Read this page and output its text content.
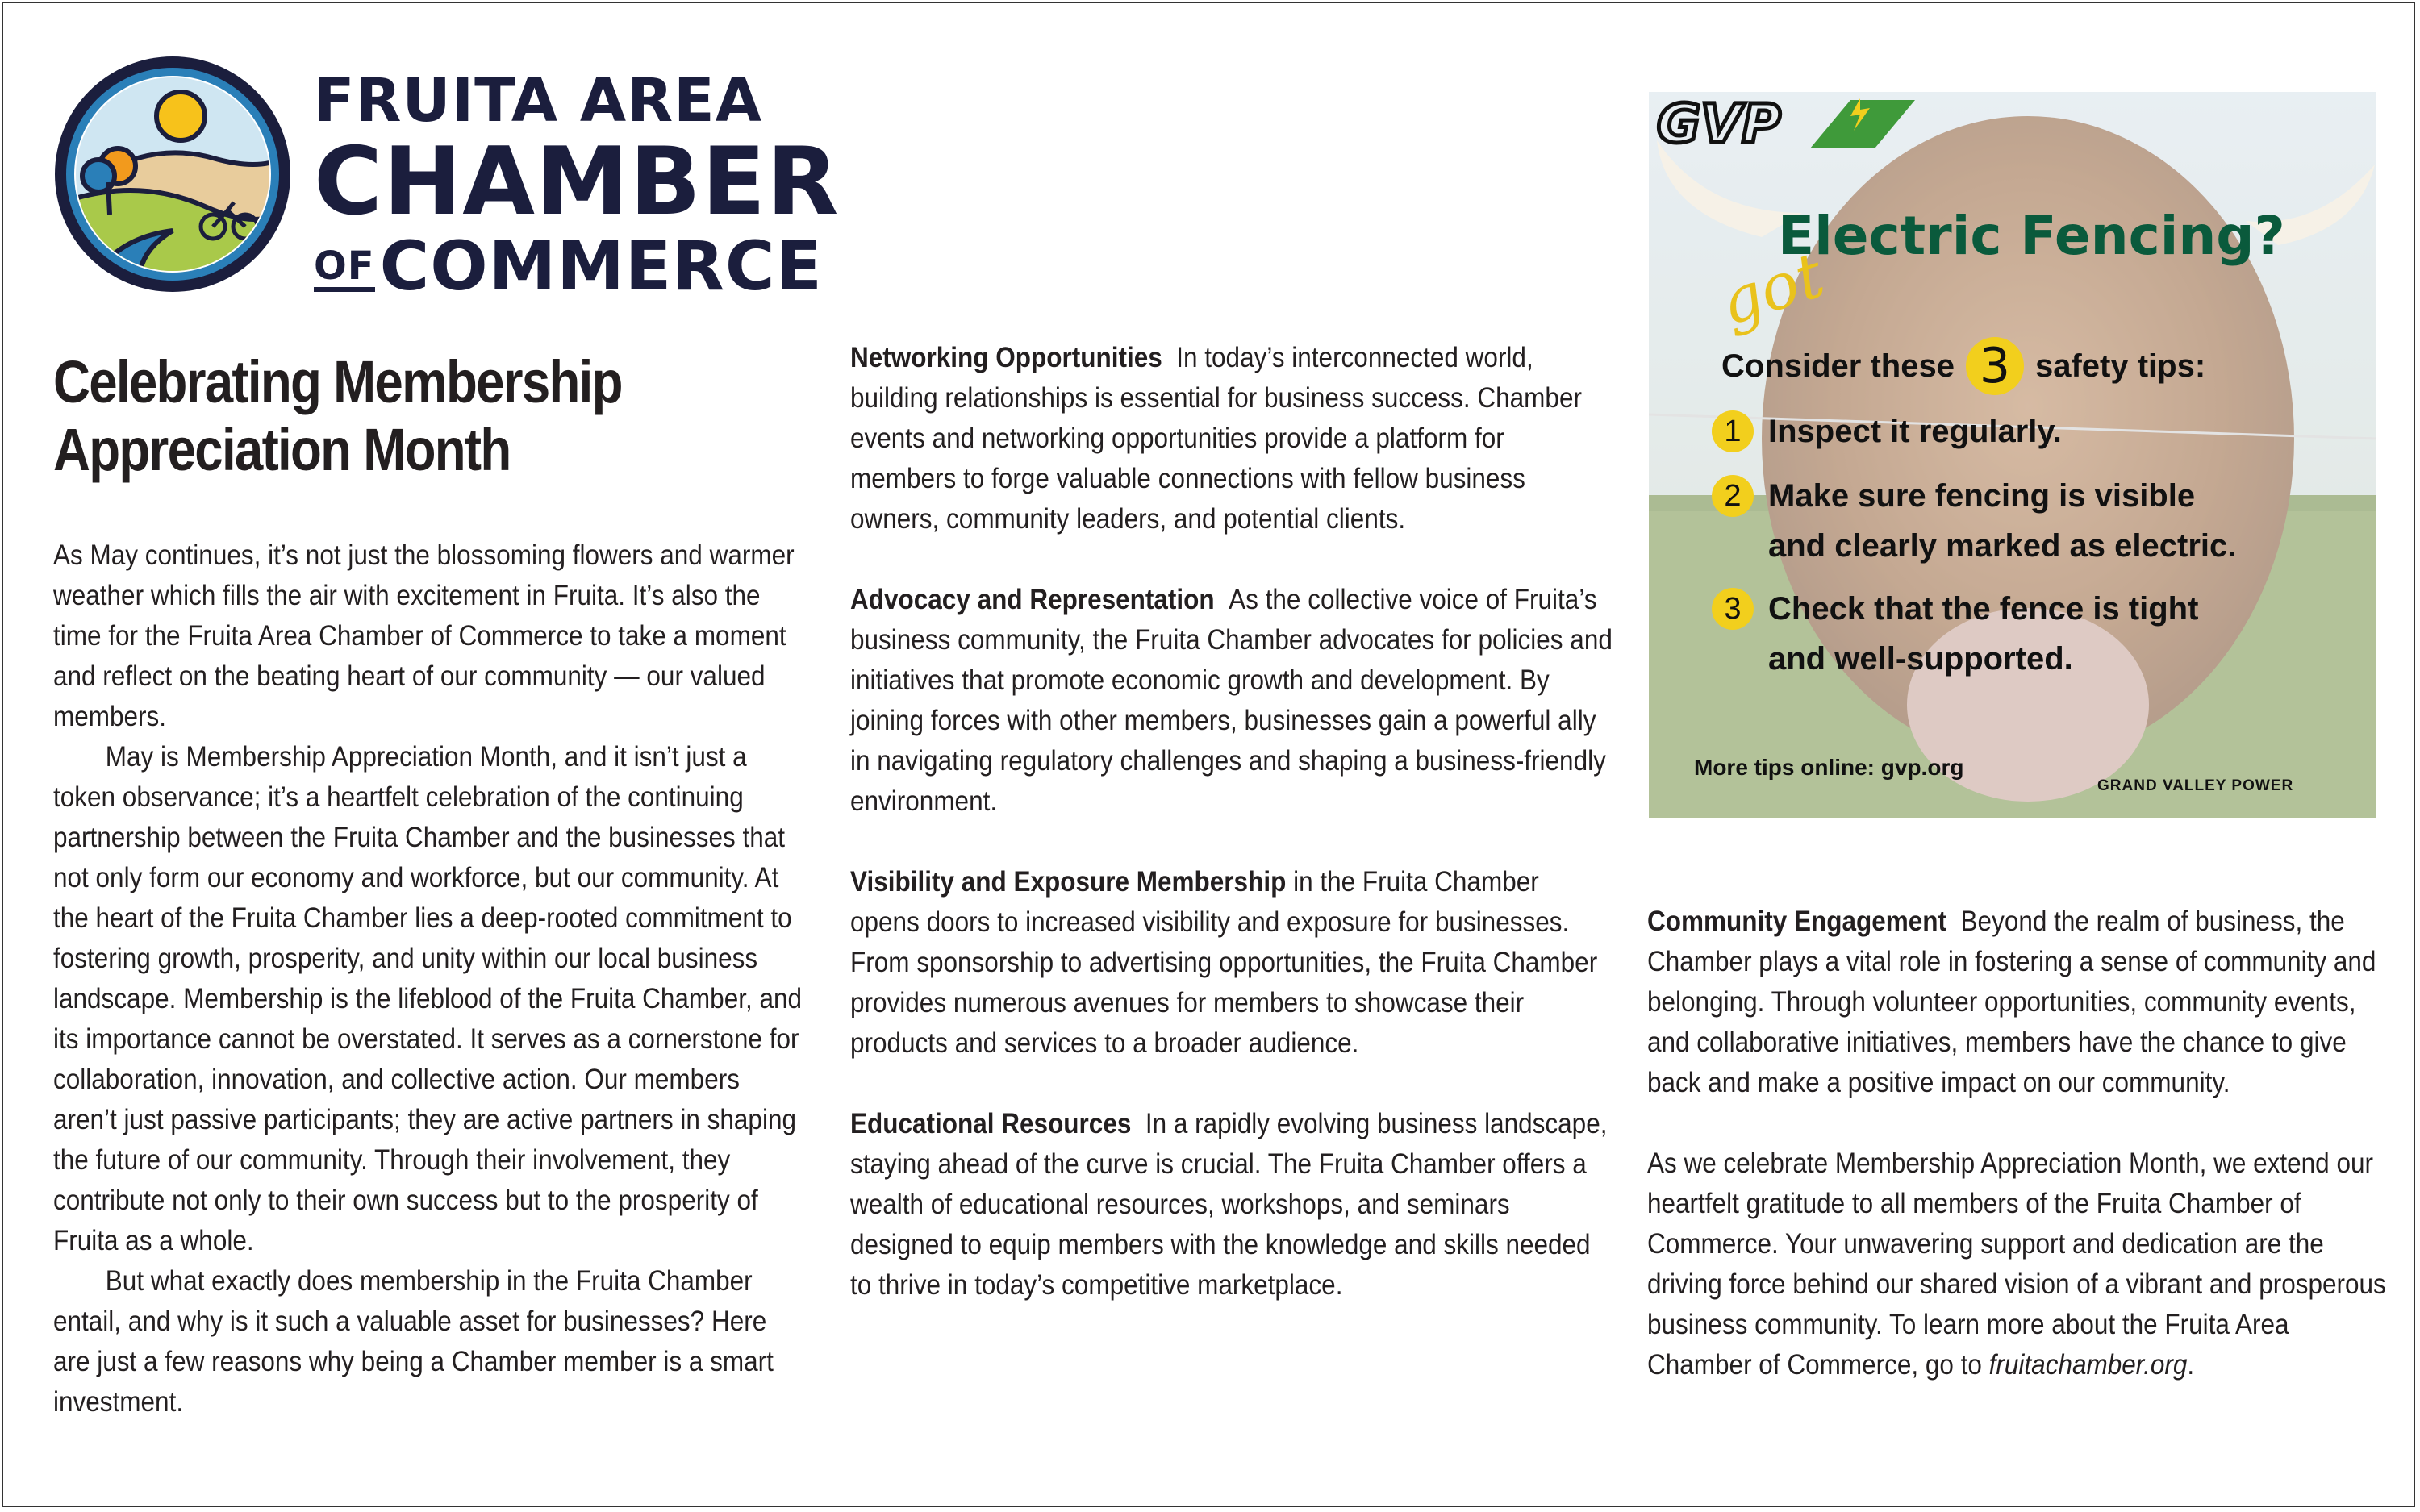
FRUITA AREA
CHAMBER
OF COMMERCE
Celebrating Membership
Appreciation Month

As May continues, it’s not just the blossoming flowers and warmer weather which fills the air with excitement in Fruita. It’s also the time for the Fruita Area Chamber of Commerce to take a moment and reflect on the beating heart of our community — our valued members.

May is Membership Appreciation Month, and it isn’t just a token observance; it’s a heartfelt celebration of the continuing partnership between the Fruita Chamber and the businesses that not only form our economy and workforce, but our community. At the heart of the Fruita Chamber lies a deep-rooted commitment to fostering growth, prosperity, and unity within our local business landscape. Membership is the lifeblood of the Fruita Chamber, and its importance cannot be overstated. It serves as a cornerstone for collaboration, innovation, and collective action. Our members aren’t just passive participants; they are active partners in shaping the future of our community. Through their involvement, they contribute not only to their own success but to the prosperity of Fruita as a whole.

But what exactly does membership in the Fruita Chamber entail, and why is it such a valuable asset for businesses? Here are just a few reasons why being a Chamber member is a smart investment.

Networking Opportunities In today’s interconnected world, building relationships is essential for business success. Chamber events and networking opportunities provide a platform for members to forge valuable connections with fellow business owners, community leaders, and potential clients.

Advocacy and Representation As the collective voice of Fruita’s business community, the Fruita Chamber advocates for policies and initiatives that promote economic growth and development. By joining forces with other members, businesses gain a powerful ally in navigating regulatory challenges and shaping a business-friendly environment.

Visibility and Exposure Membership in the Fruita Chamber opens doors to increased visibility and exposure for businesses. From sponsorship to advertising opportunities, the Fruita Chamber provides numerous avenues for members to showcase their products and services to a broader audience.

Educational Resources In a rapidly evolving business landscape, staying ahead of the curve is crucial. The Fruita Chamber offers a wealth of educational resources, workshops, and seminars designed to equip members with the knowledge and skills needed to thrive in today’s competitive marketplace.

Community Engagement Beyond the realm of business, the Chamber plays a vital role in fostering a sense of community and belonging. Through volunteer opportunities, community events, and collaborative initiatives, members have the chance to give back and make a positive impact on our community.

As we celebrate Membership Appreciation Month, we extend our heartfelt gratitude to all members of the Fruita Chamber of Commerce. Your unwavering support and dedication are the driving force behind our shared vision of a vibrant and prosperous business community. To learn more about the Fruita Area Chamber of Commerce, go to fruitachamber.org.

got
Electric Fencing?
Consider these 3 safety tips:
1 Inspect it regularly.
2 Make sure fencing is visible
and clearly marked as electric.
3 Check that the fence is tight
and well-supported.
More tips online: gvp.org
GVP
GRAND VALLEY POWER
